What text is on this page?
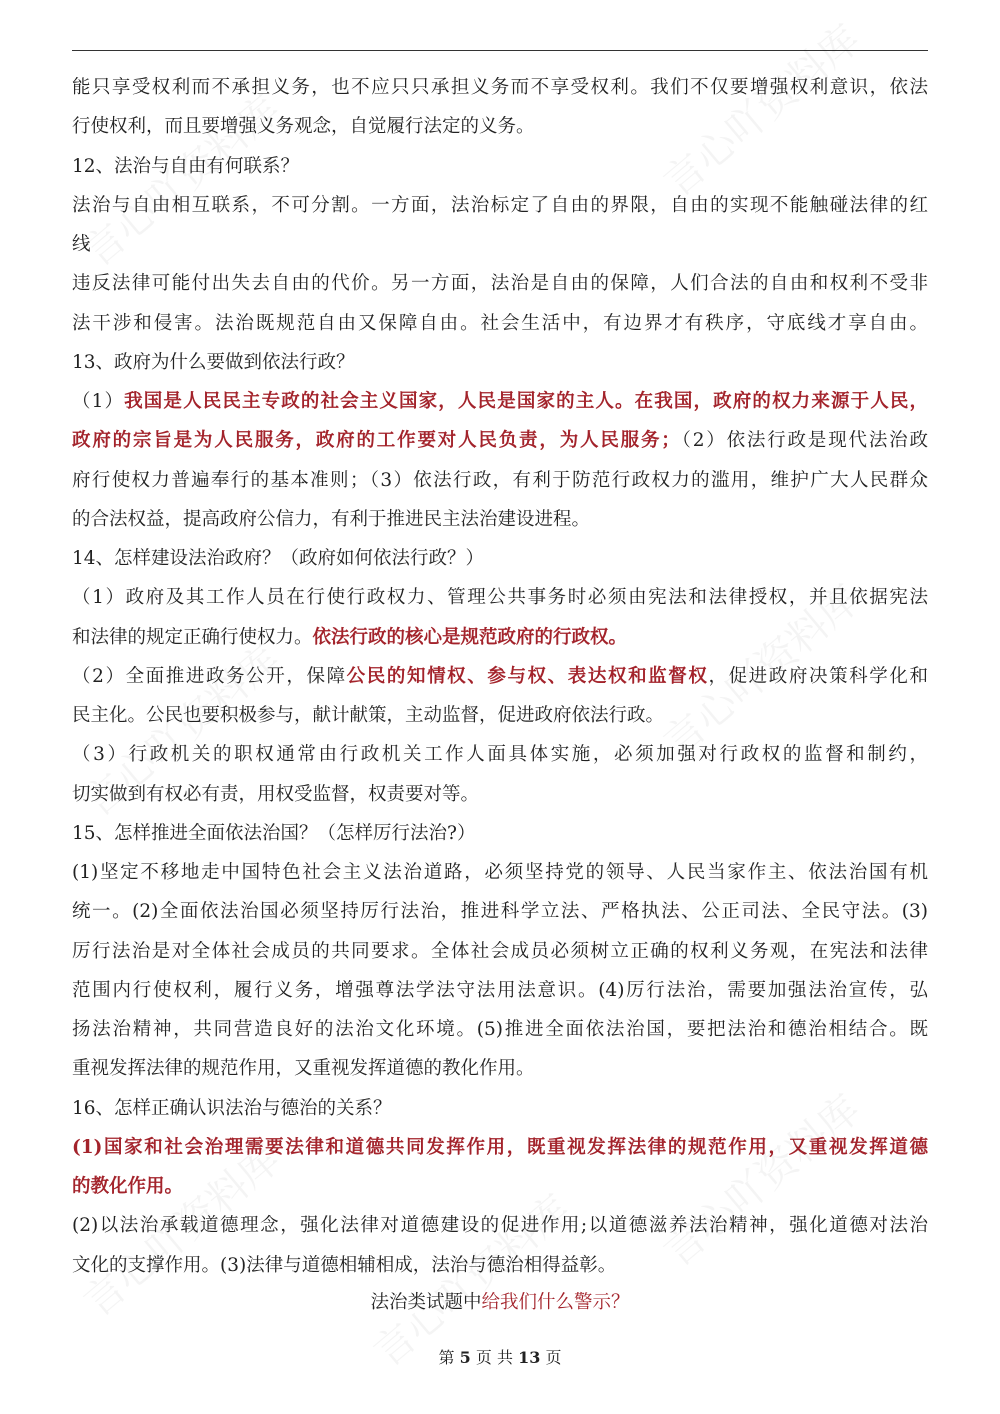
能只享受权利而不承担义务，也不应只只承担义务而不享受权利。我们不仅要增强权利意识，依法
行使权利，而且要增强义务观念，自觉履行法定的义务。
12、法治与自由有何联系？
法治与自由相互联系，不可分割。一方面，法治标定了自由的界限，自由的实现不能触碰法律的红
线
违反法律可能付出失去自由的代价。另一方面，法治是自由的保障，人们合法的自由和权利不受非
法干涉和侵害。法治既规范自由又保障自由。社会生活中，有边界才有秩序，守底线才享自由。
13、政府为什么要做到依法行政？
（1）我国是人民民主专政的社会主义国家，人民是国家的主人。在我国，政府的权力来源于人民，
政府的宗旨是为人民服务，政府的工作要对人民负责，为人民服务；（2）依法行政是现代法治政
府行使权力普遍奉行的基本准则；（3）依法行政，有利于防范行政权力的滥用，维护广大人民群众
的合法权益，提高政府公信力，有利于推进民主法治建设进程。
14、怎样建设法治政府？（政府如何依法行政？）
（1）政府及其工作人员在行使行政权力、管理公共事务时必须由宪法和法律授权，并且依据宪法
和法律的规定正确行使权力。依法行政的核心是规范政府的行政权。
（2）全面推进政务公开，保障公民的知情权、参与权、表达权和监督权，促进政府决策科学化和
民主化。公民也要积极参与，献计献策，主动监督，促进政府依法行政。
（3）行政机关的职权通常由行政机关工作人面具体实施，必须加强对行政权的监督和制约，
切实做到有权必有责，用权受监督，权责要对等。
15、怎样推进全面依法治国？（怎样厉行法治?）
(1)坚定不移地走中国特色社会主义法治道路，必须坚持党的领导、人民当家作主、依法治国有机
统一。(2)全面依法治国必须坚持厉行法治，推进科学立法、严格执法、公正司法、全民守法。(3)
厉行法治是对全体社会成员的共同要求。全体社会成员必须树立正确的权利义务观，在宪法和法律
范围内行使权利，履行义务，增强尊法学法守法用法意识。(4)厉行法治，需要加强法治宣传，弘
扬法治精神，共同营造良好的法治文化环境。(5)推进全面依法治国，要把法治和德治相结合。既
重视发挥法律的规范作用，又重视发挥道德的教化作用。
16、怎样正确认识法治与德治的关系？
(1)国家和社会治理需要法律和道德共同发挥作用，既重视发挥法律的规范作用，又重视发挥道德
的教化作用。
(2)以法治承载道德理念，强化法律对道德建设的促进作用;以道德滋养法治精神，强化道德对法治
文化的支撑作用。(3)法律与道德相辅相成，法治与德治相得益彰。
法治类试题中给我们什么警示？
第 5 页 共 13 页
